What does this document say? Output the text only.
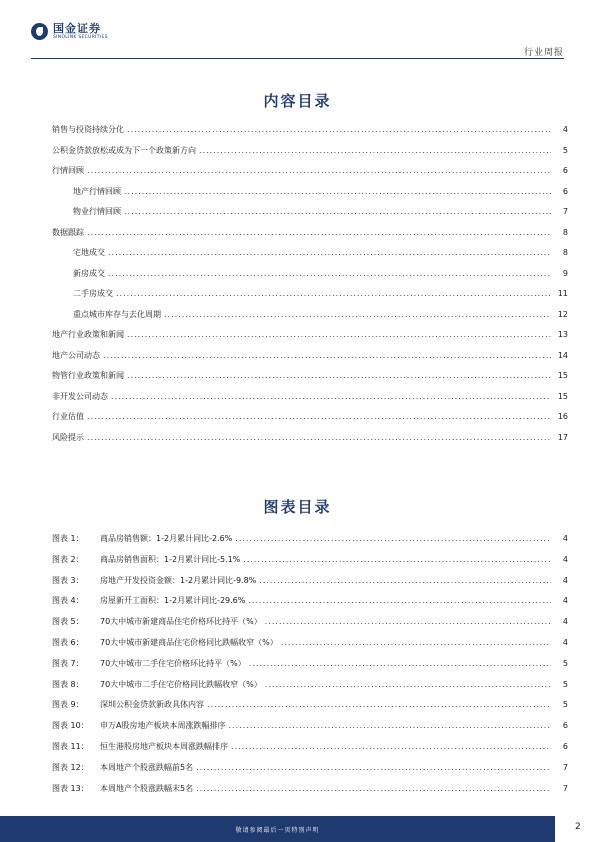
国金证券
SINOLINK SECURITIES
行业周报
内容目录
销售与投资持续分化 .....	4
公积金贷款放松或成为下一个政策新方向 .....	5
行情回顾 .....	6
地产行情回顾 .....	6
物业行情回顾 .....	7
数据跟踪 .....	8
宅地成交 .....	8
新房成交 .....	9
二手房成交 .....	11
重点城市库存与去化周期 .....	12
地产行业政策和新闻 .....	13
地产公司动态 .....	14
物管行业政策和新闻 .....	15
非开发公司动态 .....	15
行业估值 .....	16
风险提示 .....	17
图表目录
图表 1：	商品房销售额：1-2月累计同比-2.6% .....	4
图表 2：	商品房销售面积：1-2月累计同比-5.1% .....	4
图表 3：	房地产开发投资金额：1-2月累计同比-9.8% .....	4
图表 4：	房屋新开工面积：1-2月累计同比-29.6% .....	4
图表 5：	70大中城市新建商品住宅价格环比持平（%） .....	4
图表 6：	70大中城市新建商品住宅价格同比跌幅收窄（%） .....	4
图表 7：	70大中城市二手住宅价格环比持平（%） .....	5
图表 8：	70大中城市二手住宅价格同比跌幅收窄（%） .....	5
图表 9：	深圳公积金贷款新政具体内容 .....	5
图表 10：	申万A股房地产板块本周涨跌幅排序 .....	6
图表 11：	恒生港股房地产板块本周涨跌幅排序 .....	6
图表 12：	本周地产个股涨跌幅前5名 .....	7
图表 13：	本周地产个股涨跌幅末5名 .....	7
敬请参阅最后一页特别声明	2
